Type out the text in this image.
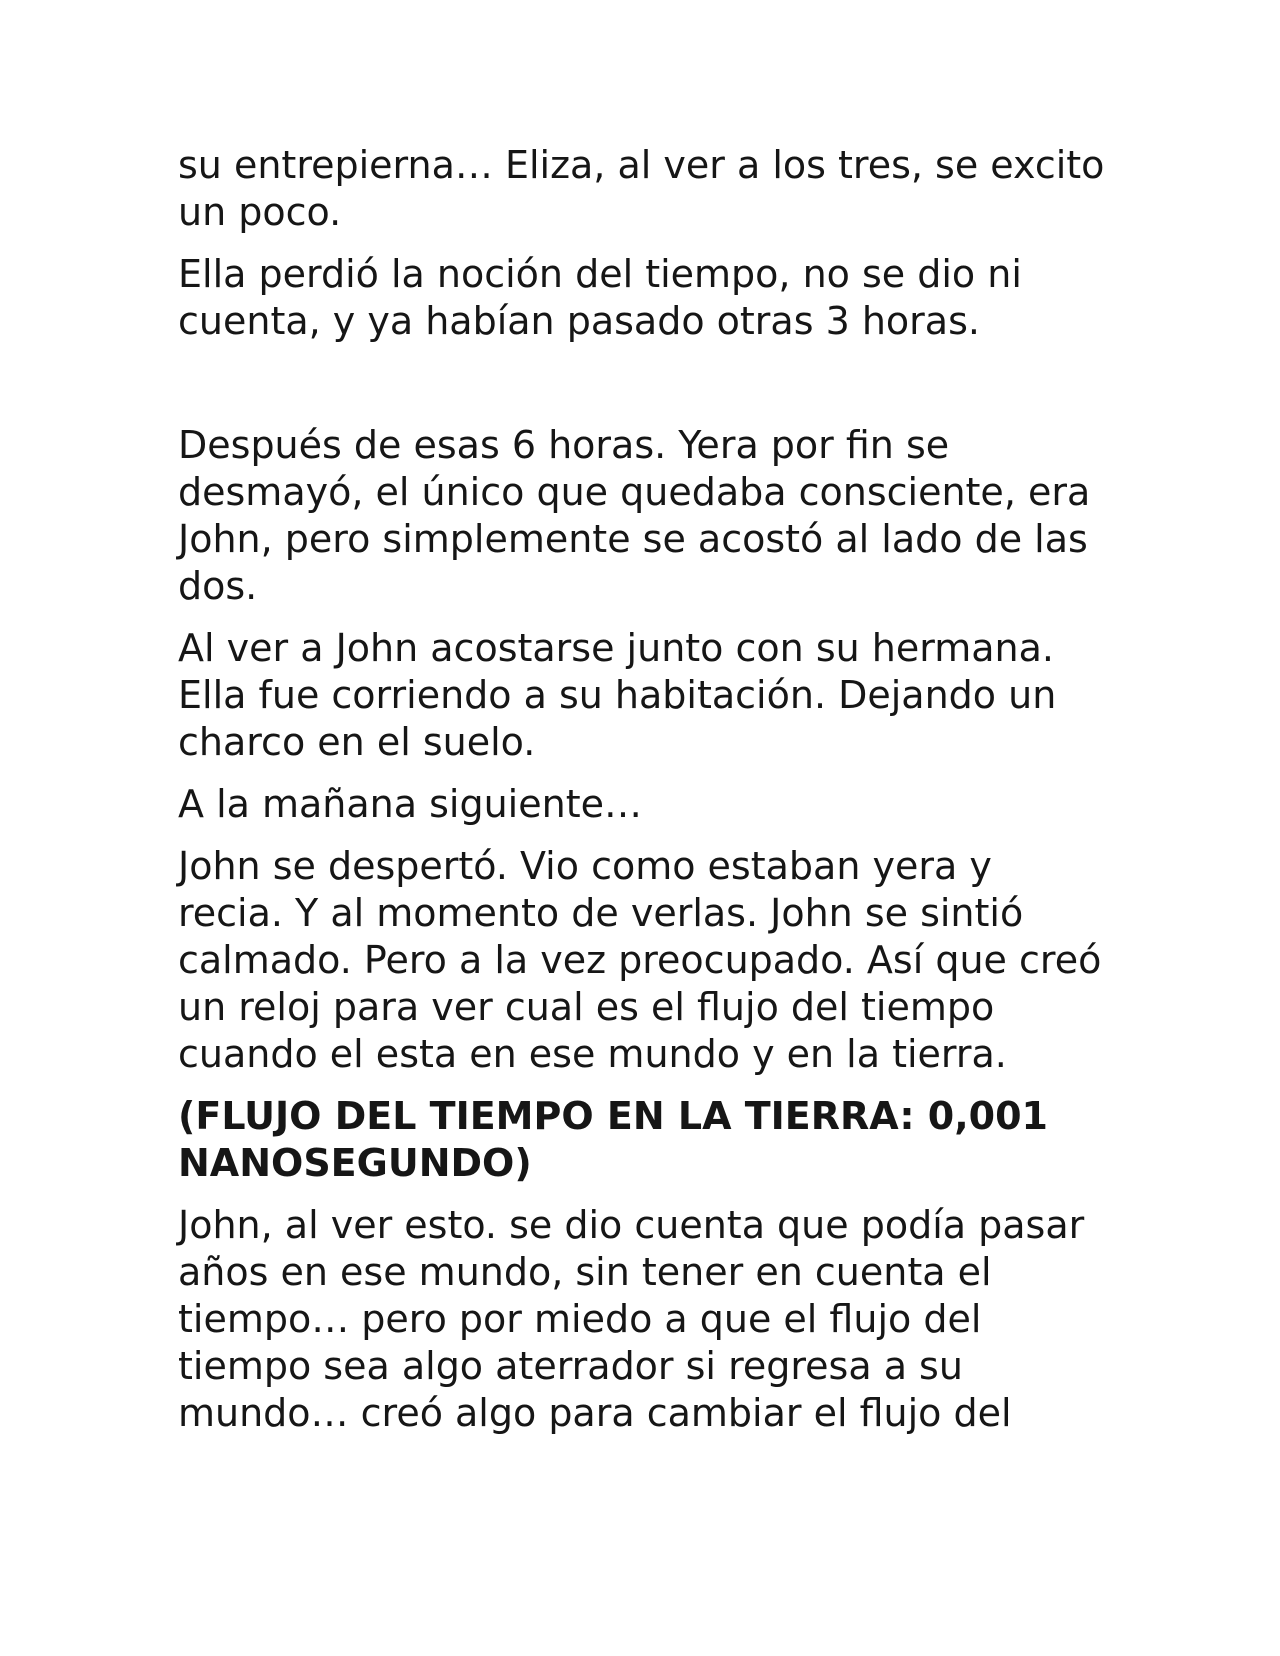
su entrepierna… Eliza, al ver a los tres, se excito un poco.

Ella perdió la noción del tiempo, no se dio ni cuenta, y ya habían pasado otras 3 horas.

Después de esas 6 horas. Yera por fin se desmayó, el único que quedaba consciente, era John, pero simplemente se acostó al lado de las dos.

Al ver a John acostarse junto con su hermana. Ella fue corriendo a su habitación. Dejando un charco en el suelo.

A la mañana siguiente…

John se despertó. Vio como estaban yera y recia. Y al momento de verlas. John se sintió calmado. Pero a la vez preocupado. Así que creó un reloj para ver cual es el flujo del tiempo cuando el esta en ese mundo y en la tierra.

(FLUJO DEL TIEMPO EN LA TIERRA: 0,001 NANOSEGUNDO)

John, al ver esto. se dio cuenta que podía pasar años en ese mundo, sin tener en cuenta el tiempo… pero por miedo a que el flujo del tiempo sea algo aterrador si regresa a su mundo… creó algo para cambiar el flujo del
